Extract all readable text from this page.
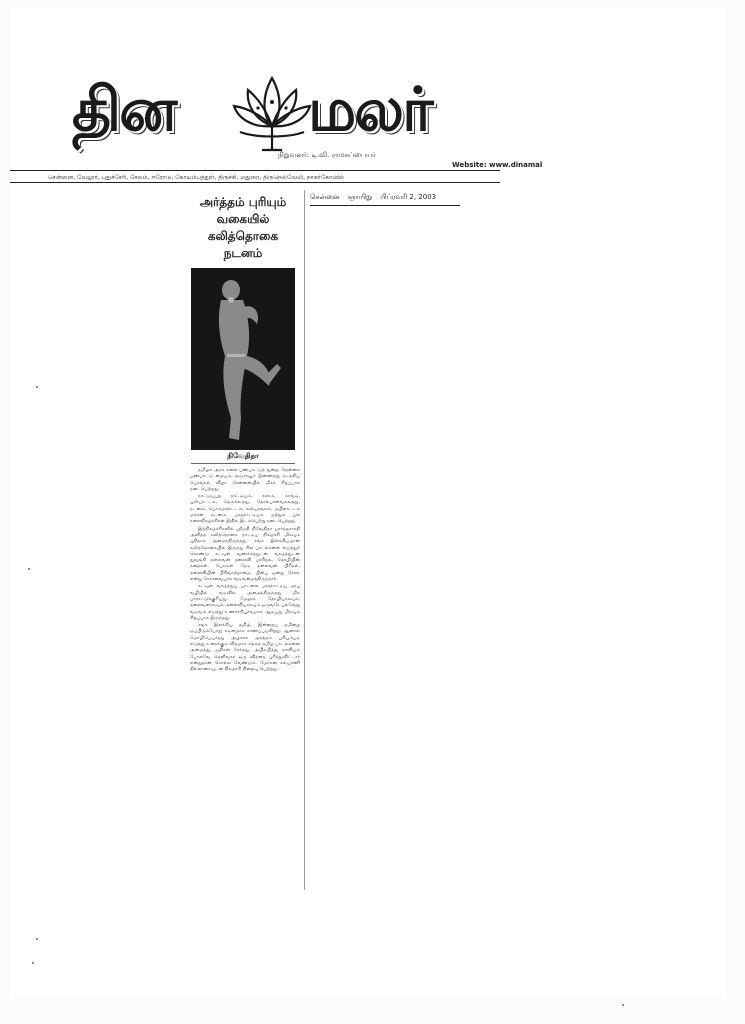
தின மலர்
நிறுவனர்: டி.வி. ராமசுப்பையர்
Website: www.dinamal
சென்னை, வேலூர், புதுச்சேரி, சேலம், ஈரோடு, கோயம்புத்தூர், திருச்சி, மதுரை, திருநெல்வேலி, நாகர்கோவில்
சென்னை ஞாயிறு பிப்ரவரி 2, 2003
அர்த்தம் புரியும்
வகையில்
கலித்தொகை
நடனம்
நிவேதிதா

தமிழக அரசு கலை பண்பாட்டுத் துறை, தென்னக பண்பாட்டு மையம், தஞ்சாவூர் இணைந்து நடத்திய பொங்கல் விழா சென்னையில் மிகச் சிறப்பாக நடைபெற்றது.

நாட்டுப்புற நாட்டியம், கரகம், காவடி, புலியாட்டம், தெருக்கூத்து, தோல்பாவைக்கூத்து, நடனம், பொம்மலாட்டம், கலியரங்கம், மயிலாட்டம் மக்கள் நடனம், பரதநாட்டியம் மற்றும் பல கலைநிகழ்ச்சிகள் இதில் இடம்பெற்று நடைபெற்றது.

இந்நிகழ்ச்சிகளில் ஸ்ரீமதி நிவேதிதா பார்த்தசாரதி அளித்த கலித்தொகை நாட்டிய நிகழ்ச்சி மிகவும் புதிதாக அமைந்திருந்தது. சங்க இலக்கியமான கலித்தொகையில் இருந்து சில பாடல்களை எடுத்துக் கொண்டு கடவுள் வணக்கத்துடன் வாழ்த்துடன் துவங்கி தலைவன் தலைவி பாசிதல், தோழியின் கதைகள், பொருள் தேடி தலைவன் பிரிதல், தலைவியின் பிரிவாற்றாமை, பின்பு ஒன்று சேரல் என்று கோர்வையாக வடிவமைத்திருந்தார்.

கடவுள் வாழ்த்துப் பாடலை பரதநாட்டிய மரபு வழியில் வடிவில் அமைத்திருந்தது மிக பாராட்டுக்குரியது. மேலும் தோழியாகவும், தலைவனாகவும், தலைவியாகவும் ஒருவரே பல்வேறு வடிவம் எடுத்து உணர்ச்சிபூர்வமாக ஆடியது மிகவும் சிறப்பாக இருந்தது.

சங்க இலக்கிய தமிழ், இன்றைய தமிழை ஒப்பிடும்போது கடினமாக காணப்படுகிறது. ஆனால் மொழிபெயர்த்து அழகாக அர்த்தம் புரியும்படி எடுத்து உரைக்கும் விதமாக சங்கத் தமிழ் பாடல்களை அமைத்து, ஜதிகள் சேர்த்து, அபிநயித்து காவியம் போலவே தெளிவாக ஒரு விந்தை புரிந்துவிட்டார் என்றுதான் சொல்ல வேண்டும். மோகன கல்யாணி தில்லானாவுடன் நிகழ்ச்சி நிறைவு பெற்றது.
